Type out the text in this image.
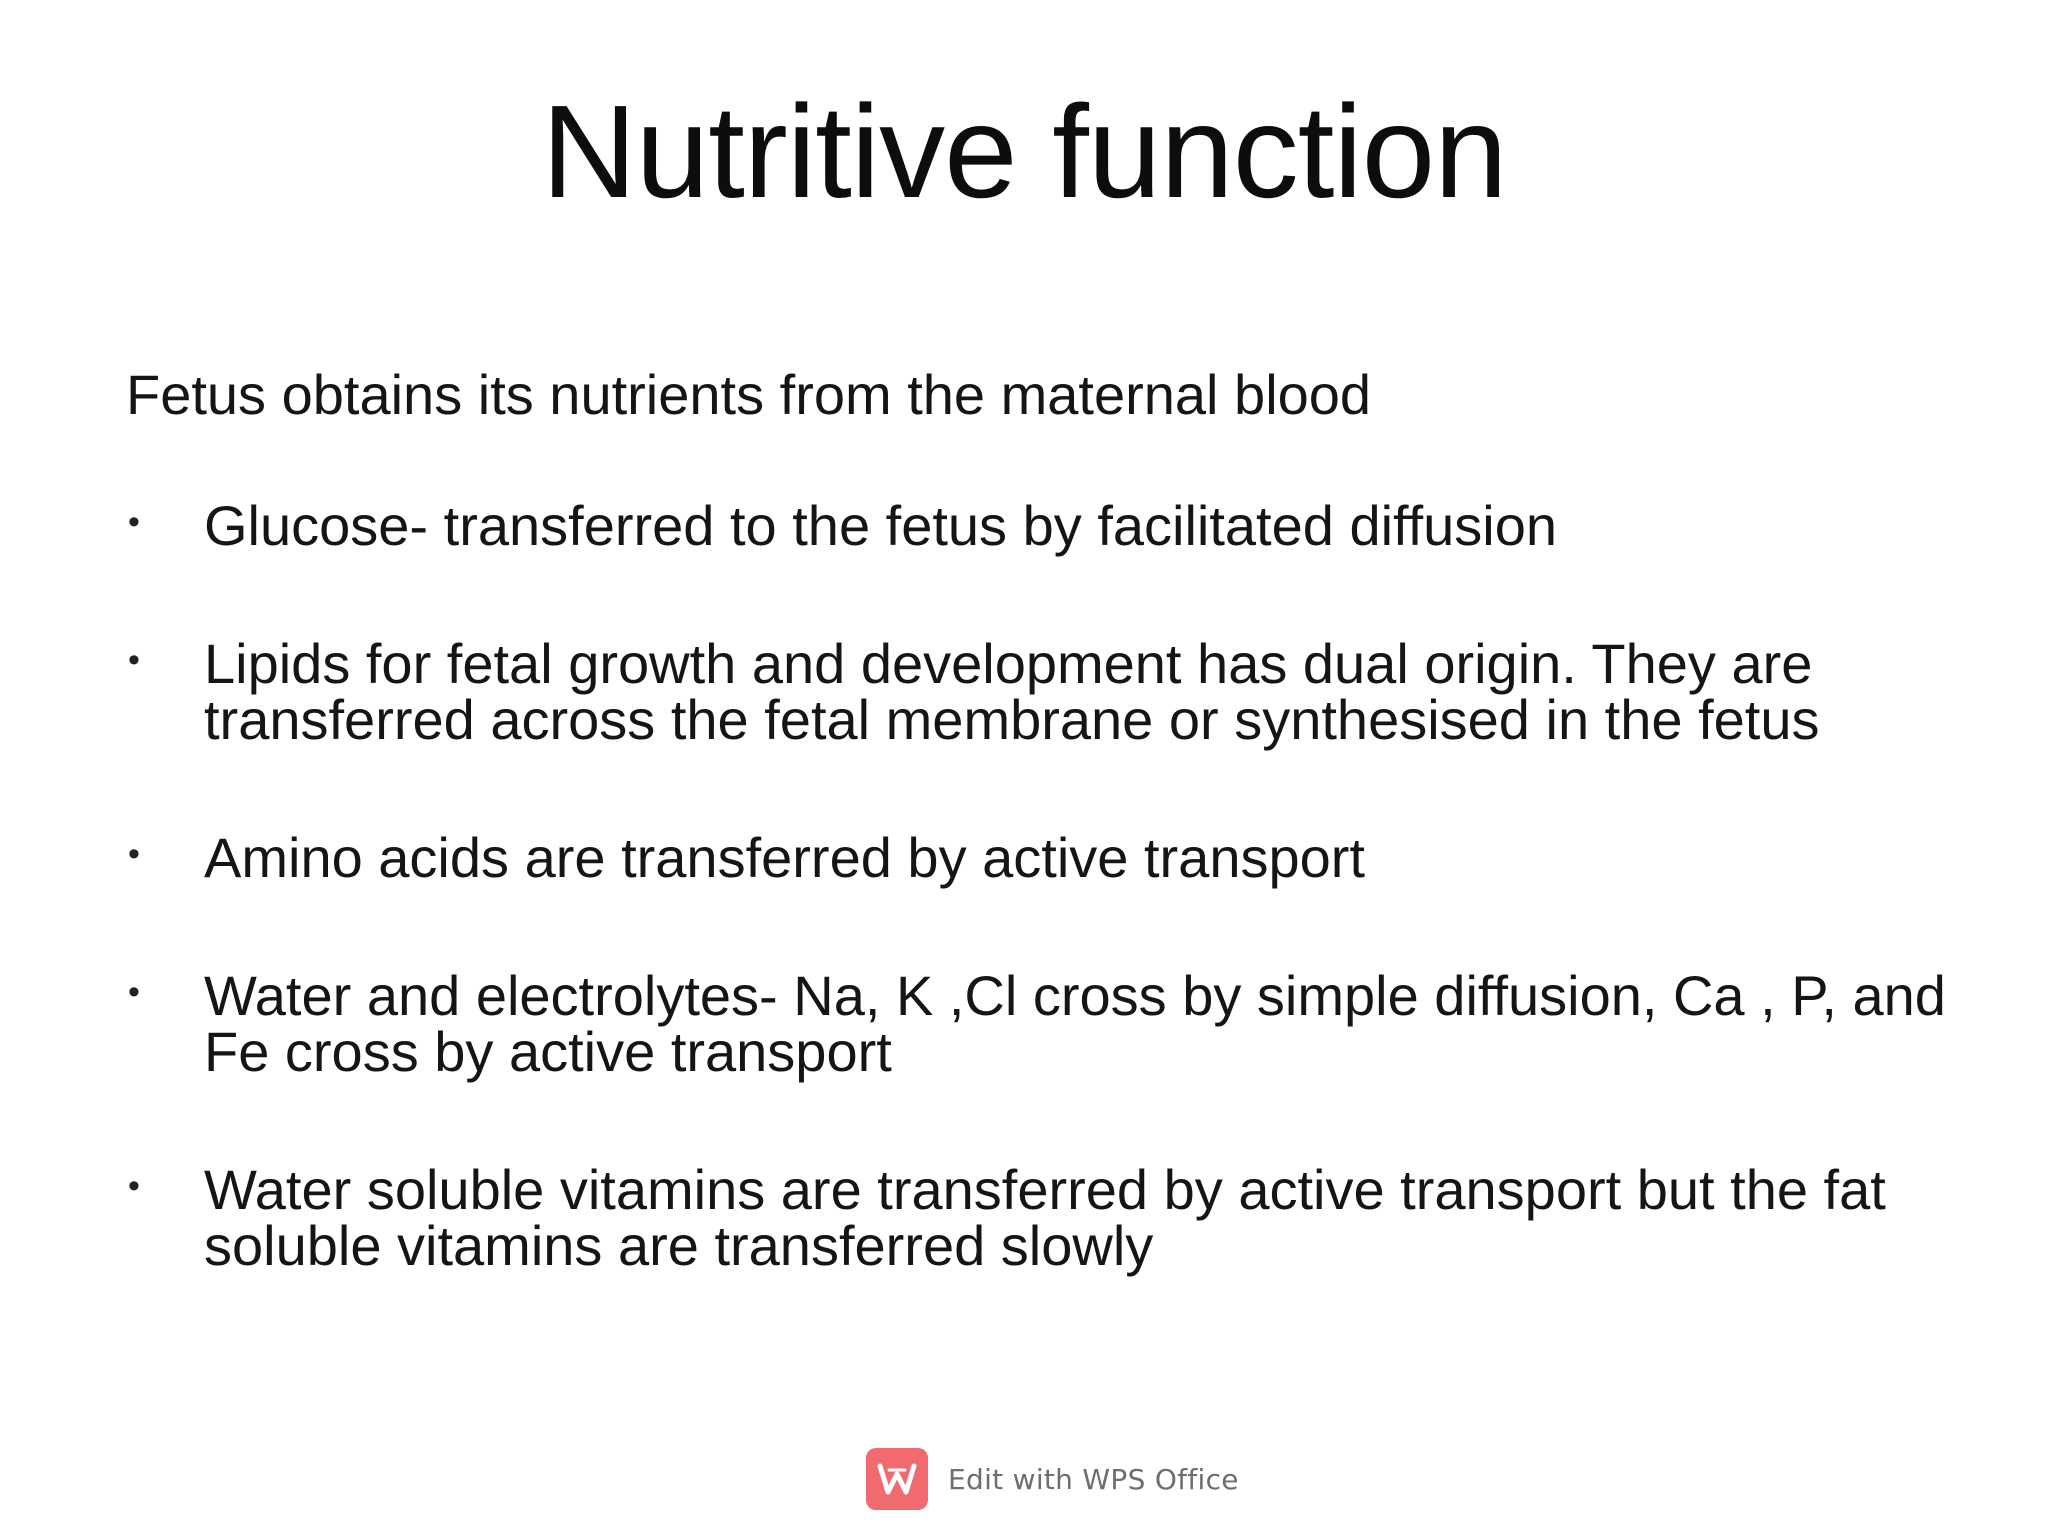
Nutritive function
Fetus obtains its nutrients from the maternal blood
• Glucose- transferred to the fetus by facilitated diffusion
• Lipids for fetal growth and development has dual origin. They are transferred across the fetal membrane or synthesised in the fetus
• Amino acids are transferred by active transport
• Water and electrolytes- Na, K ,Cl cross by simple diffusion, Ca , P, and Fe cross by active transport
• Water soluble vitamins are transferred by active transport but the fat soluble vitamins are transferred slowly
Edit with WPS Office
